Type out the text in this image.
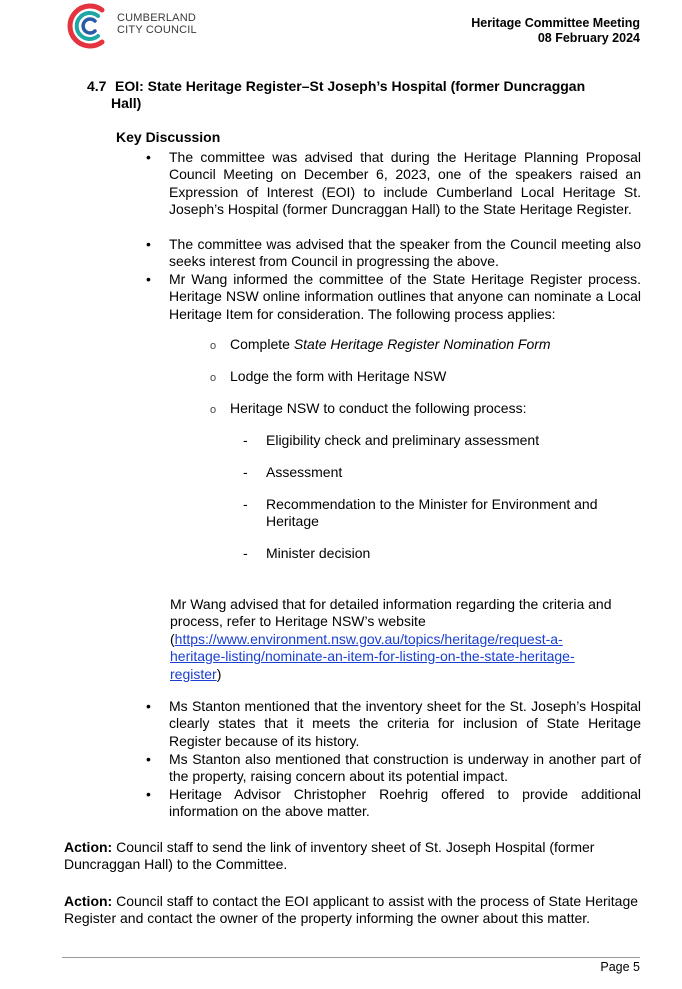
CUMBERLAND
CITY COUNCIL	Heritage Committee Meeting
08 February 2024
4.7 EOI: State Heritage Register–St Joseph’s Hospital (former Duncraggan
Hall)
Key Discussion
• The committee was advised that during the Heritage Planning Proposal Council Meeting on December 6, 2023, one of the speakers raised an Expression of Interest (EOI) to include Cumberland Local Heritage St. Joseph’s Hospital (former Duncraggan Hall) to the State Heritage Register.
• The committee was advised that the speaker from the Council meeting also seeks interest from Council in progressing the above.
• Mr Wang informed the committee of the State Heritage Register process. Heritage NSW online information outlines that anyone can nominate a Local Heritage Item for consideration. The following process applies:
o Complete State Heritage Register Nomination Form
o Lodge the form with Heritage NSW
o Heritage NSW to conduct the following process:
- Eligibility check and preliminary assessment
- Assessment
- Recommendation to the Minister for Environment and Heritage
- Minister decision
Mr Wang advised that for detailed information regarding the criteria and process, refer to Heritage NSW’s website
(https://www.environment.nsw.gov.au/topics/heritage/request-a-
heritage-listing/nominate-an-item-for-listing-on-the-state-heritage-
register)
• Ms Stanton mentioned that the inventory sheet for the St. Joseph’s Hospital clearly states that it meets the criteria for inclusion of State Heritage Register because of its history.
• Ms Stanton also mentioned that construction is underway in another part of the property, raising concern about its potential impact.
• Heritage Advisor Christopher Roehrig offered to provide additional information on the above matter.
Action: Council staff to send the link of inventory sheet of St. Joseph Hospital (former Duncraggan Hall) to the Committee.
Action: Council staff to contact the EOI applicant to assist with the process of State Heritage Register and contact the owner of the property informing the owner about this matter.
Page 5
